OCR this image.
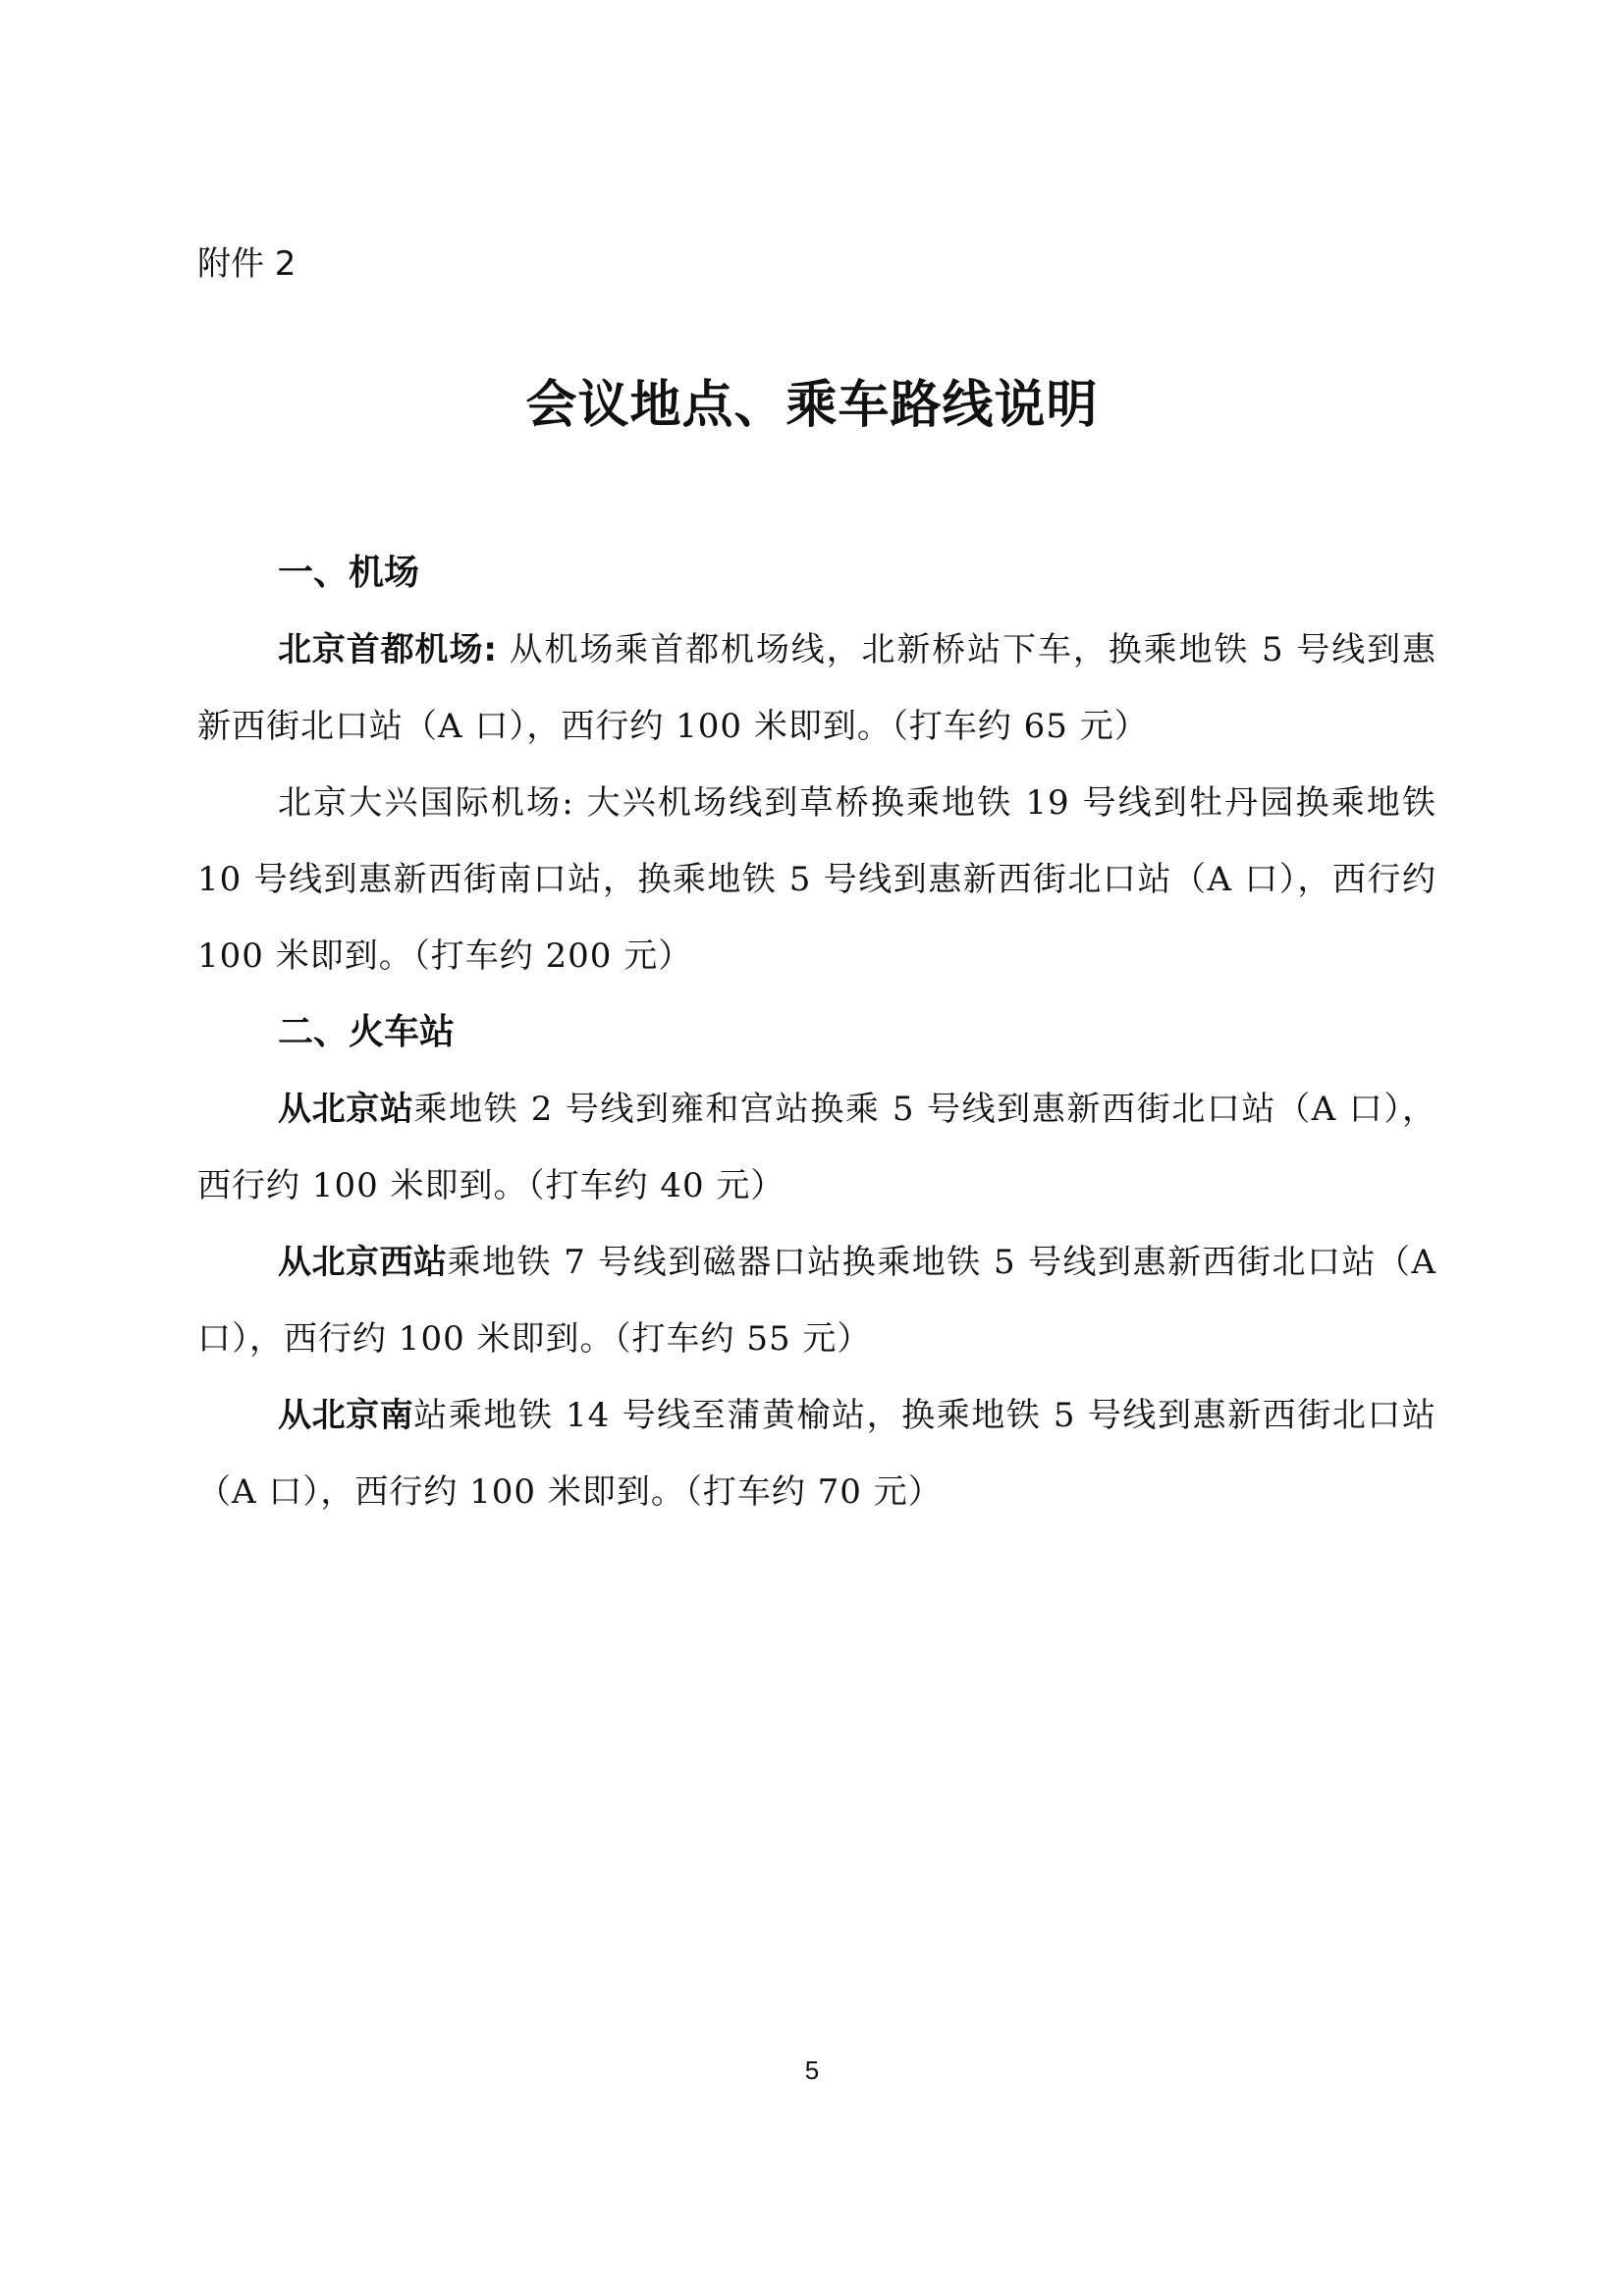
附件 2
会议地点、乘车路线说明
一、机场

北京首都机场: 从机场乘首都机场线，北新桥站下车，换乘地铁 5 号线到惠新西街北口站（A 口），西行约 100 米即到。（打车约 65 元）

北京大兴国际机场: 大兴机场线到草桥换乘地铁 19 号线到牡丹园换乘地铁 10 号线到惠新西街南口站，换乘地铁 5 号线到惠新西街北口站（A 口），西行约 100 米即到。（打车约 200 元）

二、火车站

从北京站乘地铁 2 号线到雍和宫站换乘 5 号线到惠新西街北口站（A 口），西行约 100 米即到。（打车约 40 元）

从北京西站乘地铁 7 号线到磁器口站换乘地铁 5 号线到惠新西街北口站（A 口），西行约 100 米即到。（打车约 55 元）

从北京南站乘地铁 14 号线至蒲黄榆站，换乘地铁 5 号线到惠新西街北口站（A 口），西行约 100 米即到。（打车约 70 元）

5
